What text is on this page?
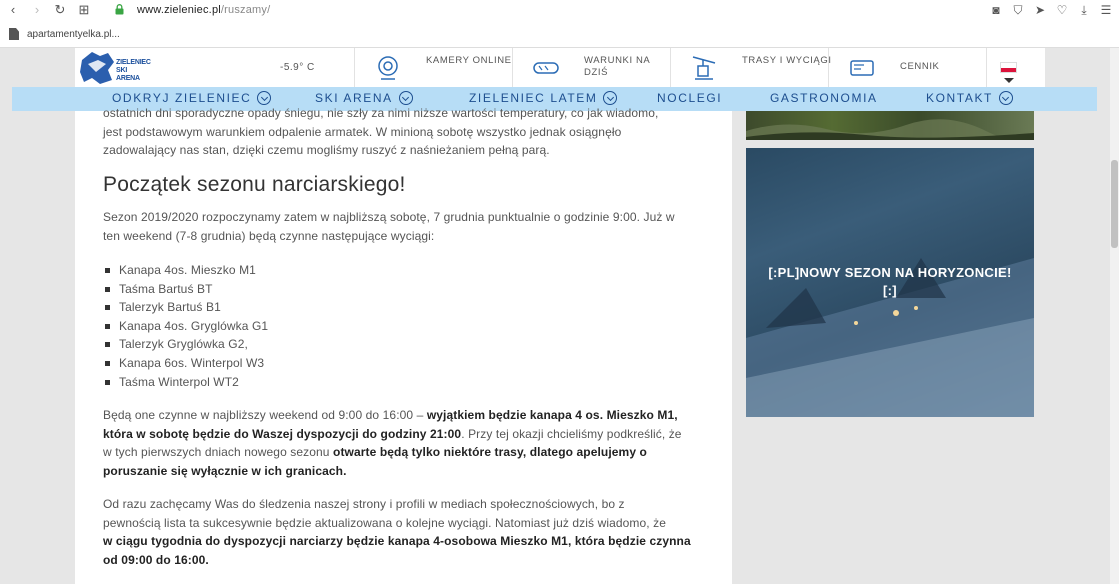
‹	›	↻ ⊞	www.zieleniec.pl/ruszamy/	◙ ⛉ ➤ ♡	⤓	☰
apartamentyelka.pl...
ZIELENIEC
SKI ARENA
-5.9° C
KAMERY ONLINE	WARUNKI NA DZIŚ
TRASY I WYCIĄGI
CENNIK
ODKRYJ ZIELENIEC	SKI ARENA	ZIELENIEC LATEM	NOCLEGI	GASTRONOMIA	KONTAKT
ostatnich dni sporadyczne opady śniegu, nie szły za nimi niższe wartości temperatury, co jak wiadomo,
jest podstawowym warunkiem odpalenie armatek. W minioną sobotę wszystko jednak osiągnęło
zadowalający nas stan, dzięki czemu mogliśmy ruszyć z naśnieżaniem pełną parą.
Początek sezonu narciarskiego!
Sezon 2019/2020 rozpoczynamy zatem w najbliższą sobotę, 7 grudnia punktualnie o godzinie 9:00. Już w
ten weekend (7-8 grudnia) będą czynne następujące wyciągi:
Kanapa 4os. Mieszko M1
Taśma Bartuś BT
Talerzyk Bartuś B1
Kanapa 4os. Gryglówka G1
Talerzyk Gryglówka G2,
Kanapa 6os. Winterpol W3
Taśma Winterpol WT2
Będą one czynne w najbliższy weekend od 9:00 do 16:00 – wyjątkiem będzie kanapa 4 os. Mieszko M1,
która w sobotę będzie do Waszej dyspozycji do godziny 21:00. Przy tej okazji chcieliśmy podkreślić, że
w tych pierwszych dniach nowego sezonu otwarte będą tylko niektóre trasy, dlatego apelujemy o
poruszanie się wyłącznie w ich granicach.
Od razu zachęcamy Was do śledzenia naszej strony i profili w mediach społecznościowych, bo z
pewnością lista ta sukcesywnie będzie aktualizowana o kolejne wyciągi. Natomiast już dziś wiadomo, że
w ciągu tygodnia do dyspozycji narciarzy będzie kanapa 4-osobowa Mieszko M1, która będzie czynna
od 09:00 do 16:00.
[:PL]NOWY SEZON NA HORYZONCIE!
[:]
